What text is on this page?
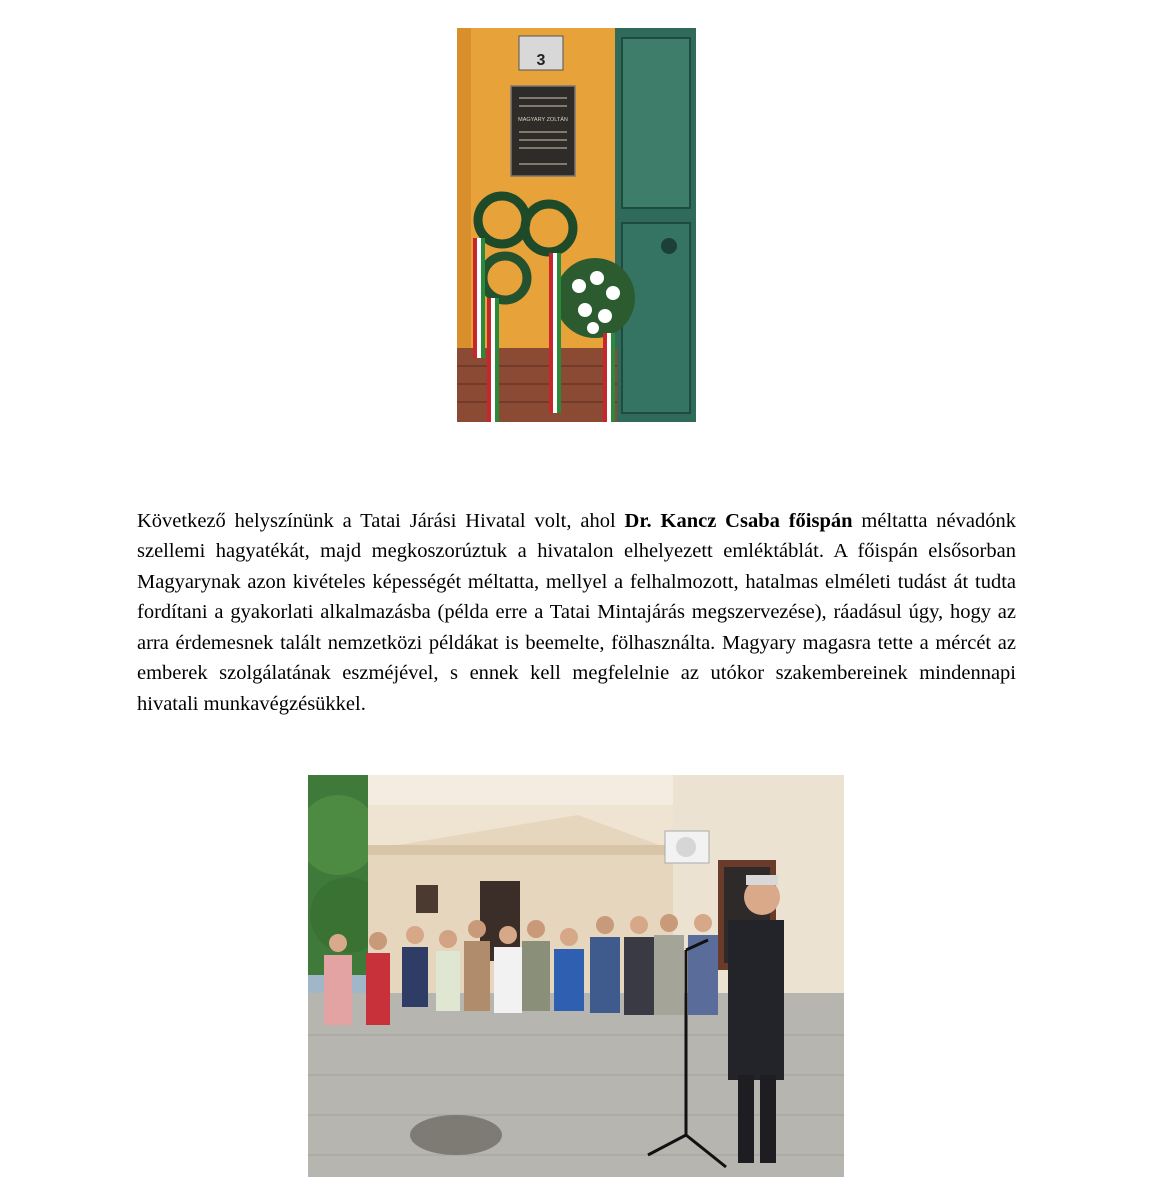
3
MAGYARY ZOLTÁN

Következő helyszínünk a Tatai Járási Hivatal volt, ahol Dr. Kancz Csaba főispán méltatta névadónk szellemi hagyatékát, majd megkoszorúztuk a hivatalon elhelyezett emléktáblát. A főispán elsősorban Magyarynak azon kivételes képességét méltatta, mellyel a felhalmozott, hatalmas elméleti tudást át tudta fordítani a gyakorlati alkalmazásba (példa erre a Tatai Mintajárás megszervezése), ráadásul úgy, hogy az arra érdemesnek talált nemzetközi példákat is beemelte, fölhasználta. Magyary magasra tette a mércét az emberek szolgálatának eszméjével, s ennek kell megfelelnie az utókor szakembereinek mindennapi hivatali munkavégzésükkel.
